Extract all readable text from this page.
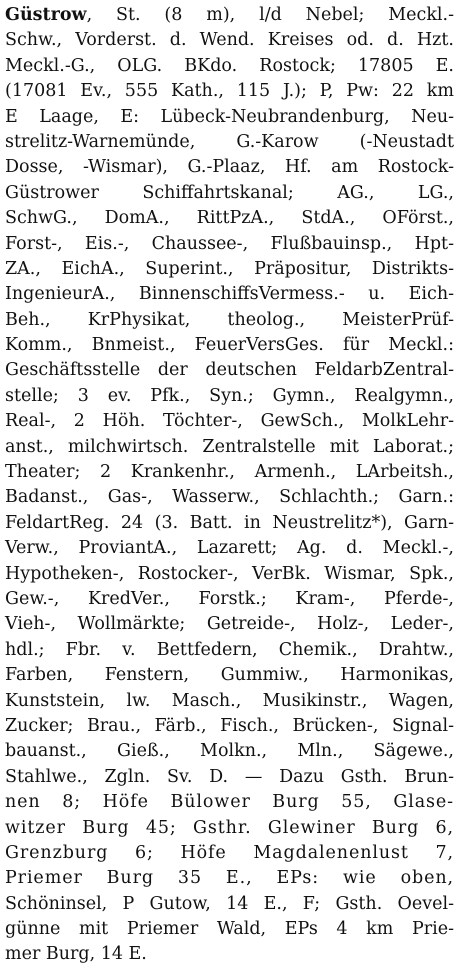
Güstrow, St. (8 m), l/d Nebel; Meckl.-
Schw., Vorderst. d. Wend. Kreises od. d. Hzt.
Meckl.-G., OLG. BKdo. Rostock; 17805 E.
(17081 Ev., 555 Kath., 115 J.); P, Pw: 22 km
E Laage, E: Lübeck-Neubrandenburg, Neu-
strelitz-Warnemünde, G.-Karow (-Neustadt
Dosse, -Wismar), G.-Plaaz, Hf. am Rostock-
Güstrower Schiffahrtskanal; AG., LG.,
SchwG., DomA., RittPzA., StdA., OFörst.,
Forst-, Eis.-, Chaussee-, Flußbauinsp., Hpt-
ZA., EichA., Superint., Präpositur, Distrikts-
IngenieurA., BinnenschiffsVermess.- u. Eich-
Beh., KrPhysikat, theolog., MeisterPrüf-
Komm., Bnmeist., FeuerVersGes. für Meckl.:
Geschäftsstelle der deutschen FeldarbZentral-
stelle; 3 ev. Pfk., Syn.; Gymn., Realgymn.,
Real-, 2 Höh. Töchter-, GewSch., MolkLehr-
anst., milchwirtsch. Zentralstelle mit Laborat.;
Theater; 2 Krankenhr., Armenh., LArbeitsh.,
Badanst., Gas-, Wasserw., Schlachth.; Garn.:
FeldartReg. 24 (3. Batt. in Neustrelitz*), Garn-
Verw., ProviantA., Lazarett; Ag. d. Meckl.-,
Hypotheken-, Rostocker-, VerBk. Wismar, Spk.,
Gew.-, KredVer., Forstk.; Kram-, Pferde-,
Vieh-, Wollmärkte; Getreide-, Holz-, Leder-,
hdl.; Fbr. v. Bettfedern, Chemik., Drahtw.,
Farben, Fenstern, Gummiw., Harmonikas,
Kunststein, lw. Masch., Musikinstr., Wagen,
Zucker; Brau., Färb., Fisch., Brücken-, Signal-
bauanst., Gieß., Molkn., Mln., Sägewe.,
Stahlwe., Zgln. Sv. D. — Dazu Gsth. Brun-
nen 8; Höfe Bülower Burg 55, Glase-
witzer Burg 45; Gsthr. Glewiner Burg 6,
Grenzburg 6; Höfe Magdalenenlust 7,
Priemer Burg 35 E., EPs: wie oben,
Schöninsel, P Gutow, 14 E., F; Gsth. Oevel-
günne mit Priemer Wald, EPs 4 km Prie-
mer Burg, 14 E.
